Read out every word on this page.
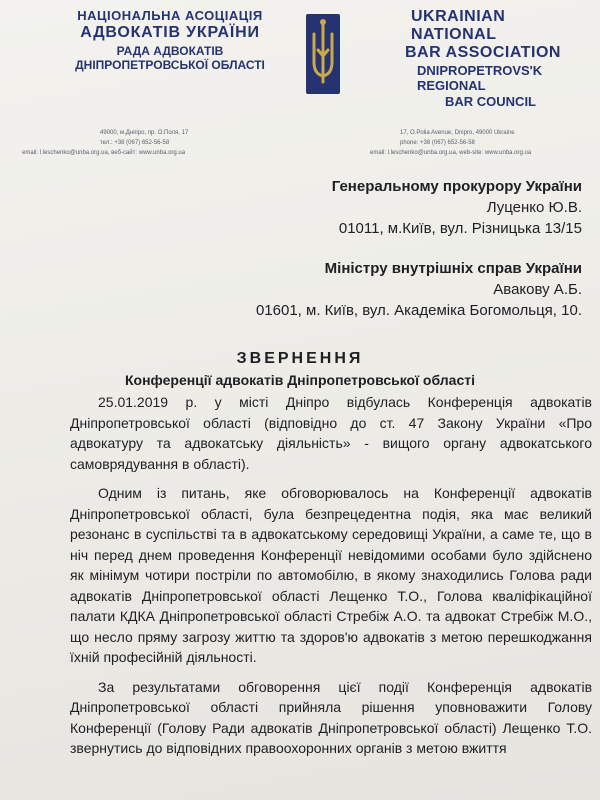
НАЦІОНАЛЬНА АСОЦІАЦІЯ
АДВОКАТІВ УКРАЇНИ
РАДА АДВОКАТІВ
ДНІПРОПЕТРОВСЬКОЇ ОБЛАСТІ
UKRAINIAN NATIONAL
BAR ASSOCIATION
DNIPROPETROVS'K REGIONAL
BAR COUNCIL
49000, м.Дніпро, пр. О.Поля, 17
тел.: +38 (067) 652-56-58
email: l.leschenko@unba.org.ua, веб-сайт: www.unba.org.ua
17, O.Polia Avenue, Dnipro, 49000 Ukraine
phone: +38 (067) 652-56-58
email: l.leschenko@unba.org.ua, web-site: www.unba.org.ua
Генеральному прокурору України
Луценко Ю.В.
01011, м.Київ, вул. Різницька 13/15
Міністру внутрішніх справ України
Авакову А.Б.
01601, м. Київ, вул. Академіка Богомольця, 10.
ЗВЕРНЕННЯ
Конференції адвокатів Дніпропетровської області

25.01.2019 р. у місті Дніпро відбулась Конференція адвокатів Дніпропетровської області (відповідно до ст. 47 Закону України «Про адвокатуру та адвокатську діяльність» - вищого органу адвокатського самоврядування в області).

Одним із питань, яке обговорювалось на Конференції адвокатів Дніпропетровської області, була безпрецедентна подія, яка має великий резонанс в суспільстві та в адвокатському середовищі України, а саме те, що в ніч перед днем проведення Конференції невідомими особами було здійснено як мінімум чотири постріли по автомобілю, в якому знаходились Голова ради адвокатів Дніпропетровської області Лещенко Т.О., Голова кваліфікаційної палати КДКА Дніпропетровської області Стребіж А.О. та адвокат Стребіж М.О., що несло пряму загрозу життю та здоров'ю адвокатів з метою перешкоджання їхній професійній діяльності.

За результатами обговорення цієї події Конференція адвокатів Дніпропетровської області прийняла рішення уповноважити Голову Конференції (Голову Ради адвокатів Дніпропетровської області) Лещенко Т.О. звернутись до відповідних правоохоронних органів з метою вжиття
